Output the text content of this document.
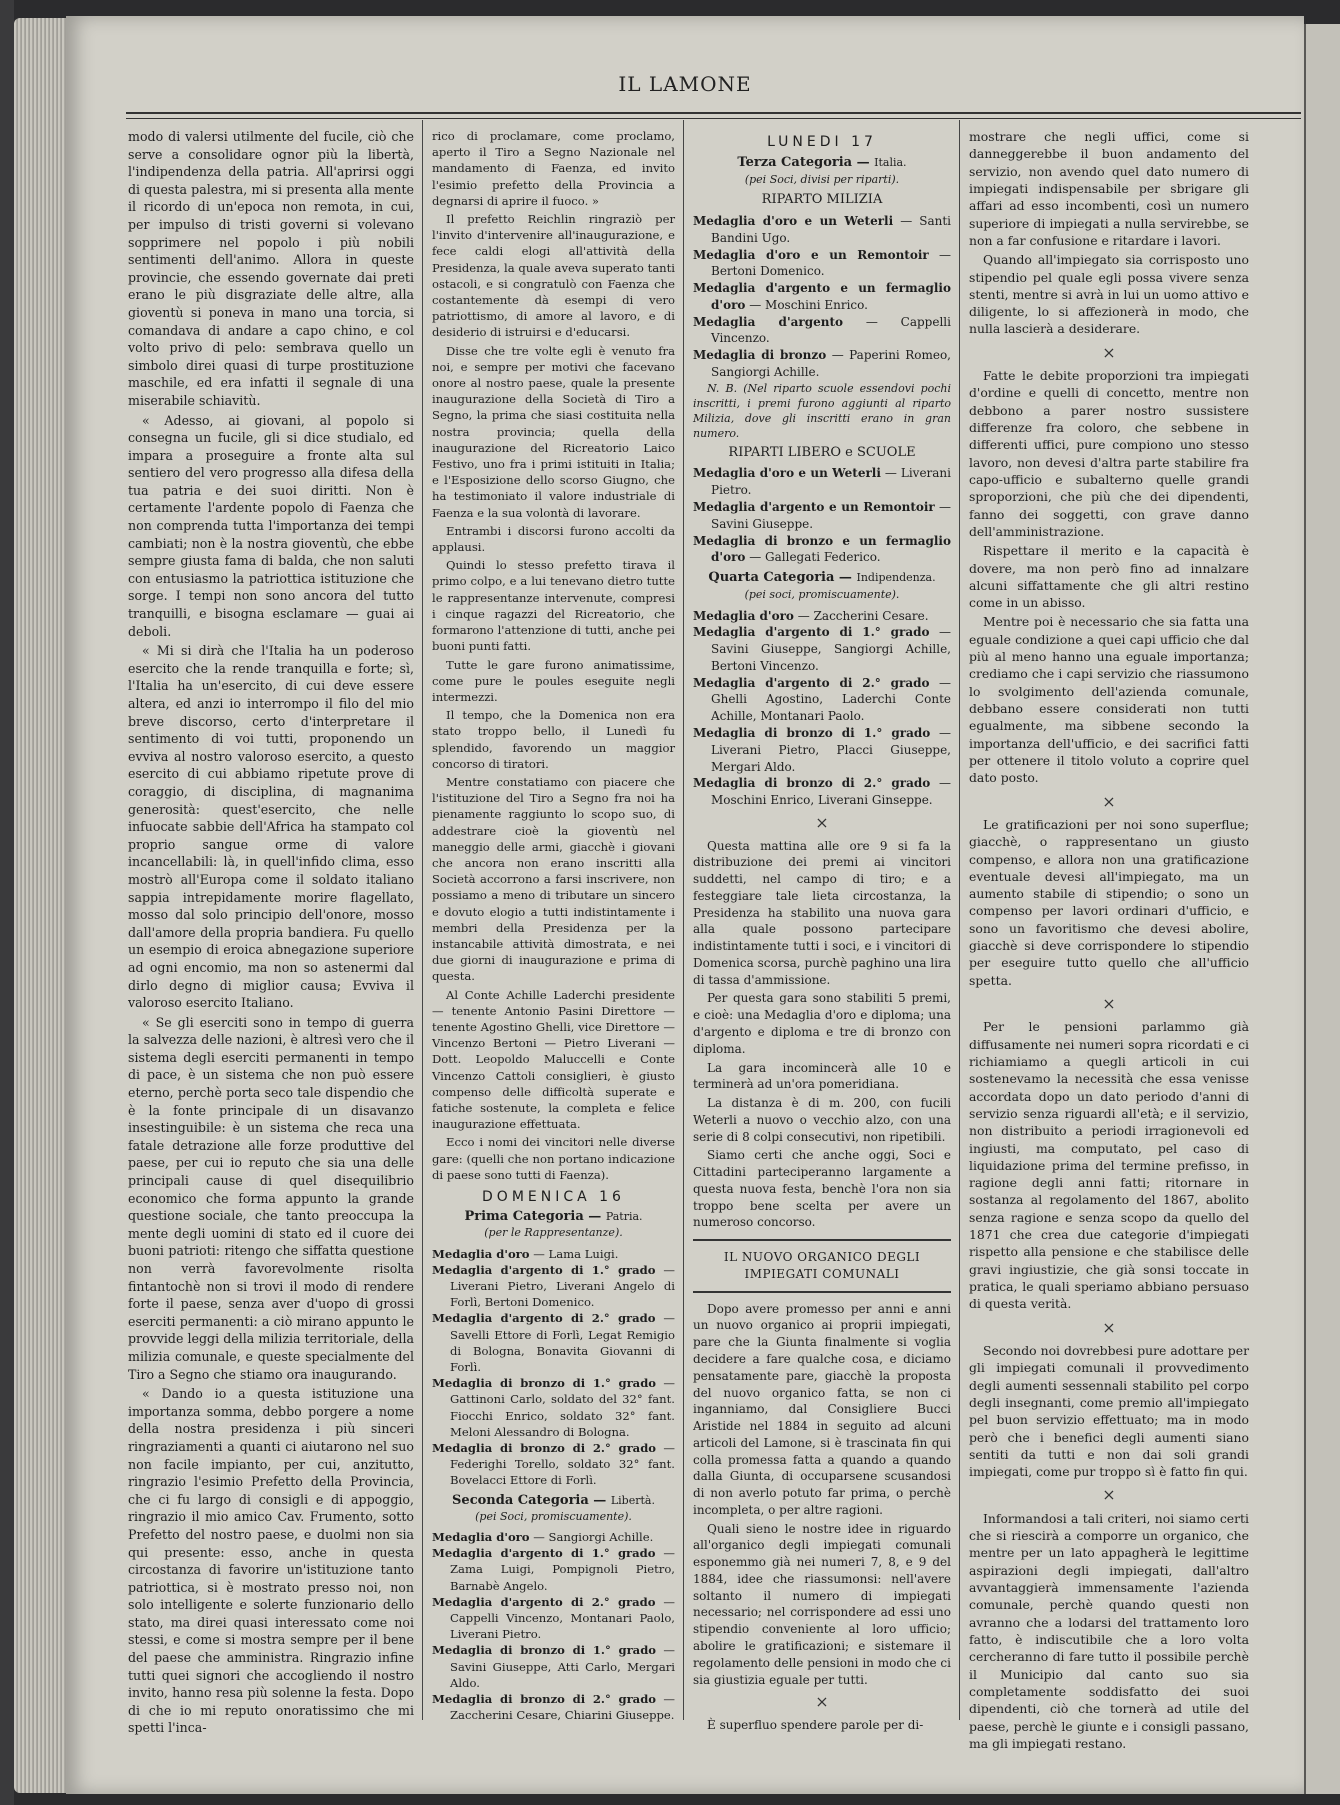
IL LAMONE

modo di valersi utilmente del fucile, ciò che serve a consolidare ognor più la libertà, l'indipendenza della patria. All'aprirsi oggi di questa palestra, mi si presenta alla mente il ricordo di un'epoca non remota, in cui, per impulso di tristi governi si volevano sopprimere nel popolo i più nobili sentimenti dell'animo. Allora in queste provincie, che essendo governate dai preti erano le più disgraziate delle altre, alla gioventù si poneva in mano una torcia, si comandava di andare a capo chino, e col volto privo di pelo: sembrava quello un simbolo direi quasi di turpe prostituzione maschile, ed era infatti il segnale di una miserabile schiavitù.

« Adesso, ai giovani, al popolo si consegna un fucile, gli si dice studialo, ed impara a proseguire a fronte alta sul sentiero del vero progresso alla difesa della tua patria e dei suoi diritti. Non è certamente l'ardente popolo di Faenza che non comprenda tutta l'importanza dei tempi cambiati; non è la nostra gioventù, che ebbe sempre giusta fama di balda, che non saluti con entusiasmo la patriottica istituzione che sorge. I tempi non sono ancora del tutto tranquilli, e bisogna esclamare — guai ai deboli.

« Mi si dirà che l'Italia ha un poderoso esercito che la rende tranquilla e forte; sì, l'Italia ha un'esercito, di cui deve essere altera, ed anzi io interrompo il filo del mio breve discorso, certo d'interpretare il sentimento di voi tutti, proponendo un evviva al nostro valoroso esercito, a questo esercito di cui abbiamo ripetute prove di coraggio, di disciplina, di magnanima generosità: quest'esercito, che nelle infuocate sabbie dell'Africa ha stampato col proprio sangue orme di valore incancellabili: là, in quell'infido clima, esso mostrò all'Europa come il soldato italiano sappia intrepidamente morire flagellato, mosso dal solo principio dell'onore, mosso dall'amore della propria bandiera. Fu quello un esempio di eroica abnegazione superiore ad ogni encomio, ma non so astenermi dal dirlo degno di miglior causa; Evviva il valoroso esercito Italiano.

« Se gli eserciti sono in tempo di guerra la salvezza delle nazioni, è altresì vero che il sistema degli eserciti permanenti in tempo di pace, è un sistema che non può essere eterno, perchè porta seco tale dispendio che è la fonte principale di un disavanzo insestinguibile: è un sistema che reca una fatale detrazione alle forze produttive del paese, per cui io reputo che sia una delle principali cause di quel disequilibrio economico che forma appunto la grande questione sociale, che tanto preoccupa la mente degli uomini di stato ed il cuore dei buoni patrioti: ritengo che siffatta questione non verrà favorevolmente risolta fintantochè non si trovi il modo di rendere forte il paese, senza aver d'uopo di grossi eserciti permanenti: a ciò mirano appunto le provvide leggi della milizia territoriale, della milizia comunale, e queste specialmente del Tiro a Segno che stiamo ora inaugurando.

« Dando io a questa istituzione una importanza somma, debbo porgere a nome della nostra presidenza i più sinceri ringraziamenti a quanti ci aiutarono nel suo non facile impianto, per cui, anzitutto, ringrazio l'esimio Prefetto della Provincia, che ci fu largo di consigli e di appoggio, ringrazio il mio amico Cav. Frumento, sotto Prefetto del nostro paese, e duolmi non sia qui presente: esso, anche in questa circostanza di favorire un'istituzione tanto patriottica, si è mostrato presso noi, non solo intelligente e solerte funzionario dello stato, ma direi quasi interessato come noi stessi, e come si mostra sempre per il bene del paese che amministra. Ringrazio infine tutti quei signori che accogliendo il nostro invito, hanno resa più solenne la festa. Dopo di che io mi reputo onoratissimo che mi spetti l'inca-

rico di proclamare, come proclamo, aperto il Tiro a Segno Nazionale nel mandamento di Faenza, ed invito l'esimio prefetto della Provincia a degnarsi di aprire il fuoco. »

Il prefetto Reichlin ringraziò per l'invito d'intervenire all'inaugurazione, e fece caldi elogi all'attività della Presidenza, la quale aveva superato tanti ostacoli, e si congratulò con Faenza che costantemente dà esempi di vero patriottismo, di amore al lavoro, e di desiderio di istruirsi e d'educarsi.

Disse che tre volte egli è venuto fra noi, e sempre per motivi che facevano onore al nostro paese, quale la presente inaugurazione della Società di Tiro a Segno, la prima che siasi costituita nella nostra provincia; quella della inaugurazione del Ricreatorio Laico Festivo, uno fra i primi istituiti in Italia; e l'Esposizione dello scorso Giugno, che ha testimoniato il valore industriale di Faenza e la sua volontà di lavorare.

Entrambi i discorsi furono accolti da applausi.

Quindi lo stesso prefetto tirava il primo colpo, e a lui tenevano dietro tutte le rappresentanze intervenute, compresi i cinque ragazzi del Ricreatorio, che formarono l'attenzione di tutti, anche pei buoni punti fatti.

Tutte le gare furono animatissime, come pure le poules eseguite negli intermezzi.

Il tempo, che la Domenica non era stato troppo bello, il Lunedì fu splendido, favorendo un maggior concorso di tiratori.

Mentre constatiamo con piacere che l'istituzione del Tiro a Segno fra noi ha pienamente raggiunto lo scopo suo, di addestrare cioè la gioventù nel maneggio delle armi, giacchè i giovani che ancora non erano inscritti alla Società accorrono a farsi inscrivere, non possiamo a meno di tributare un sincero e dovuto elogio a tutti indistintamente i membri della Presidenza per la instancabile attività dimostrata, e nei due giorni di inaugurazione e prima di questa.

Al Conte Achille Laderchi presidente — tenente Antonio Pasini Direttore — tenente Agostino Ghelli, vice Direttore — Vincenzo Bertoni — Pietro Liverani — Dott. Leopoldo Maluccelli e Conte Vincenzo Cattoli consiglieri, è giusto compenso delle difficoltà superate e fatiche sostenute, la completa e felice inaugurazione effettuata.

Ecco i nomi dei vincitori nelle diverse gare: (quelli che non portano indicazione di paese sono tutti di Faenza).

DOMENICA 16

Prima Categoria — Patria.

(per le Rappresentanze).

Medaglia d'oro — Lama Luigi.

Medaglia d'argento di 1.° grado — Liverani Pietro, Liverani Angelo di Forlì, Bertoni Domenico.

Medaglia d'argento di 2.° grado — Savelli Ettore di Forlì, Legat Remigio di Bologna, Bonavita Giovanni di Forlì.

Medaglia di bronzo di 1.° grado — Gattinoni Carlo, soldato del 32° fant. Fiocchi Enrico, soldato 32° fant. Meloni Alessandro di Bologna.

Medaglia di bronzo di 2.° grado — Federighi Torello, soldato 32° fant. Bovelacci Ettore di Forlì.

Seconda Categoria — Libertà.

(pei Soci, promiscuamente).

Medaglia d'oro — Sangiorgi Achille.

Medaglia d'argento di 1.° grado — Zama Luigi, Pompignoli Pietro, Barnabè Angelo.

Medaglia d'argento di 2.° grado — Cappelli Vincenzo, Montanari Paolo, Liverani Pietro.

Medaglia di bronzo di 1.° grado — Savini Giuseppe, Atti Carlo, Mergari Aldo.

Medaglia di bronzo di 2.° grado — Zaccherini Cesare, Chiarini Giuseppe.

LUNEDI 17

Terza Categoria — Italia.

(pei Soci, divisi per riparti).

RIPARTO MILIZIA

Medaglia d'oro e un Weterli — Santi Bandini Ugo.

Medaglia d'oro e un Remontoir — Bertoni Domenico.

Medaglia d'argento e un fermaglio d'oro — Moschini Enrico.

Medaglia d'argento — Cappelli Vincenzo.

Medaglia di bronzo — Paperini Romeo, Sangiorgi Achille.

N. B. (Nel riparto scuole essendovi pochi inscritti, i premi furono aggiunti al riparto Milizia, dove gli inscritti erano in gran numero.

RIPARTI LIBERO e SCUOLE

Medaglia d'oro e un Weterli — Liverani Pietro.

Medaglia d'argento e un Remontoir — Savini Giuseppe.

Medaglia di bronzo e un fermaglio d'oro — Gallegati Federico.

Quarta Categoria — Indipendenza.

(pei soci, promiscuamente).

Medaglia d'oro — Zaccherini Cesare.

Medaglia d'argento di 1.° grado — Savini Giuseppe, Sangiorgi Achille, Bertoni Vincenzo.

Medaglia d'argento di 2.° grado — Ghelli Agostino, Laderchi Conte Achille, Montanari Paolo.

Medaglia di bronzo di 1.° grado — Liverani Pietro, Placci Giuseppe, Mergari Aldo.

Medaglia di bronzo di 2.° grado — Moschini Enrico, Liverani Ginseppe.

×

Questa mattina alle ore 9 si fa la distribuzione dei premi ai vincitori suddetti, nel campo di tiro; e a festeggiare tale lieta circostanza, la Presidenza ha stabilito una nuova gara alla quale possono partecipare indistintamente tutti i soci, e i vincitori di Domenica scorsa, purchè paghino una lira di tassa d'ammissione.

Per questa gara sono stabiliti 5 premi, e cioè: una Medaglia d'oro e diploma; una d'argento e diploma e tre di bronzo con diploma.

La gara incomincerà alle 10 e terminerà ad un'ora pomeridiana.

La distanza è di m. 200, con fucili Weterli a nuovo o vecchio alzo, con una serie di 8 colpi consecutivi, non ripetibili.

Siamo certi che anche oggi, Soci e Cittadini parteciperanno largamente a questa nuova festa, benchè l'ora non sia troppo bene scelta per avere un numeroso concorso.

IL NUOVO ORGANICO DEGLI IMPIEGATI COMUNALI

Dopo avere promesso per anni e anni un nuovo organico ai proprii impiegati, pare che la Giunta finalmente si voglia decidere a fare qualche cosa, e diciamo pensatamente pare, giacchè la proposta del nuovo organico fatta, se non ci inganniamo, dal Consigliere Bucci Aristide nel 1884 in seguito ad alcuni articoli del Lamone, si è trascinata fin qui colla promessa fatta a quando a quando dalla Giunta, di occuparsene scusandosi di non averlo potuto far prima, o perchè incompleta, o per altre ragioni.

Quali sieno le nostre idee in riguardo all'organico degli impiegati comunali esponemmo già nei numeri 7, 8, e 9 del 1884, idee che riassumonsi: nell'avere soltanto il numero di impiegati necessario; nel corrispondere ad essi uno stipendio conveniente al loro ufficio; abolire le gratificazioni; e sistemare il regolamento delle pensioni in modo che ci sia giustizia eguale per tutti.

×

È superfluo spendere parole per di-

mostrare che negli uffici, come si danneggerebbe il buon andamento del servizio, non avendo quel dato numero di impiegati indispensabile per sbrigare gli affari ad esso incombenti, così un numero superiore di impiegati a nulla servirebbe, se non a far confusione e ritardare i lavori.

Quando all'impiegato sia corrisposto uno stipendio pel quale egli possa vivere senza stenti, mentre si avrà in lui un uomo attivo e diligente, lo si affezionerà in modo, che nulla lascierà a desiderare.

×

Fatte le debite proporzioni tra impiegati d'ordine e quelli di concetto, mentre non debbono a parer nostro sussistere differenze fra coloro, che sebbene in differenti uffici, pure compiono uno stesso lavoro, non devesi d'altra parte stabilire fra capo-ufficio e subalterno quelle grandi sproporzioni, che più che dei dipendenti, fanno dei soggetti, con grave danno dell'amministrazione.

Rispettare il merito e la capacità è dovere, ma non però fino ad innalzare alcuni siffattamente che gli altri restino come in un abisso.

Mentre poi è necessario che sia fatta una eguale condizione a quei capi ufficio che dal più al meno hanno una eguale importanza; crediamo che i capi servizio che riassumono lo svolgimento dell'azienda comunale, debbano essere considerati non tutti egualmente, ma sibbene secondo la importanza dell'ufficio, e dei sacrifici fatti per ottenere il titolo voluto a coprire quel dato posto.

×

Le gratificazioni per noi sono superflue; giacchè, o rappresentano un giusto compenso, e allora non una gratificazione eventuale devesi all'impiegato, ma un aumento stabile di stipendio; o sono un compenso per lavori ordinari d'ufficio, e sono un favoritismo che devesi abolire, giacchè si deve corrispondere lo stipendio per eseguire tutto quello che all'ufficio spetta.

×

Per le pensioni parlammo già diffusamente nei numeri sopra ricordati e ci richiamiamo a quegli articoli in cui sostenevamo la necessità che essa venisse accordata dopo un dato periodo d'anni di servizio senza riguardi all'età; e il servizio, non distribuito a periodi irragionevoli ed ingiusti, ma computato, pel caso di liquidazione prima del termine prefisso, in ragione degli anni fatti; ritornare in sostanza al regolamento del 1867, abolito senza ragione e senza scopo da quello del 1871 che crea due categorie d'impiegati rispetto alla pensione e che stabilisce delle gravi ingiustizie, che già sonsi toccate in pratica, le quali speriamo abbiano persuaso di questa verità.

×

Secondo noi dovrebbesi pure adottare per gli impiegati comunali il provvedimento degli aumenti sessennali stabilito pel corpo degli insegnanti, come premio all'impiegato pel buon servizio effettuato; ma in modo però che i benefici degli aumenti siano sentiti da tutti e non dai soli grandi impiegati, come pur troppo sì è fatto fin qui.

×

Informandosi a tali criteri, noi siamo certi che si riescirà a comporre un organico, che mentre per un lato appagherà le legittime aspirazioni degli impiegati, dall'altro avvantaggierà immensamente l'azienda comunale, perchè quando questi non avranno che a lodarsi del trattamento loro fatto, è indiscutibile che a loro volta cercheranno di fare tutto il possibile perchè il Municipio dal canto suo sia completamente soddisfatto dei suoi dipendenti, ciò che tornerà ad utile del paese, perchè le giunte e i consigli passano, ma gli impiegati restano.
